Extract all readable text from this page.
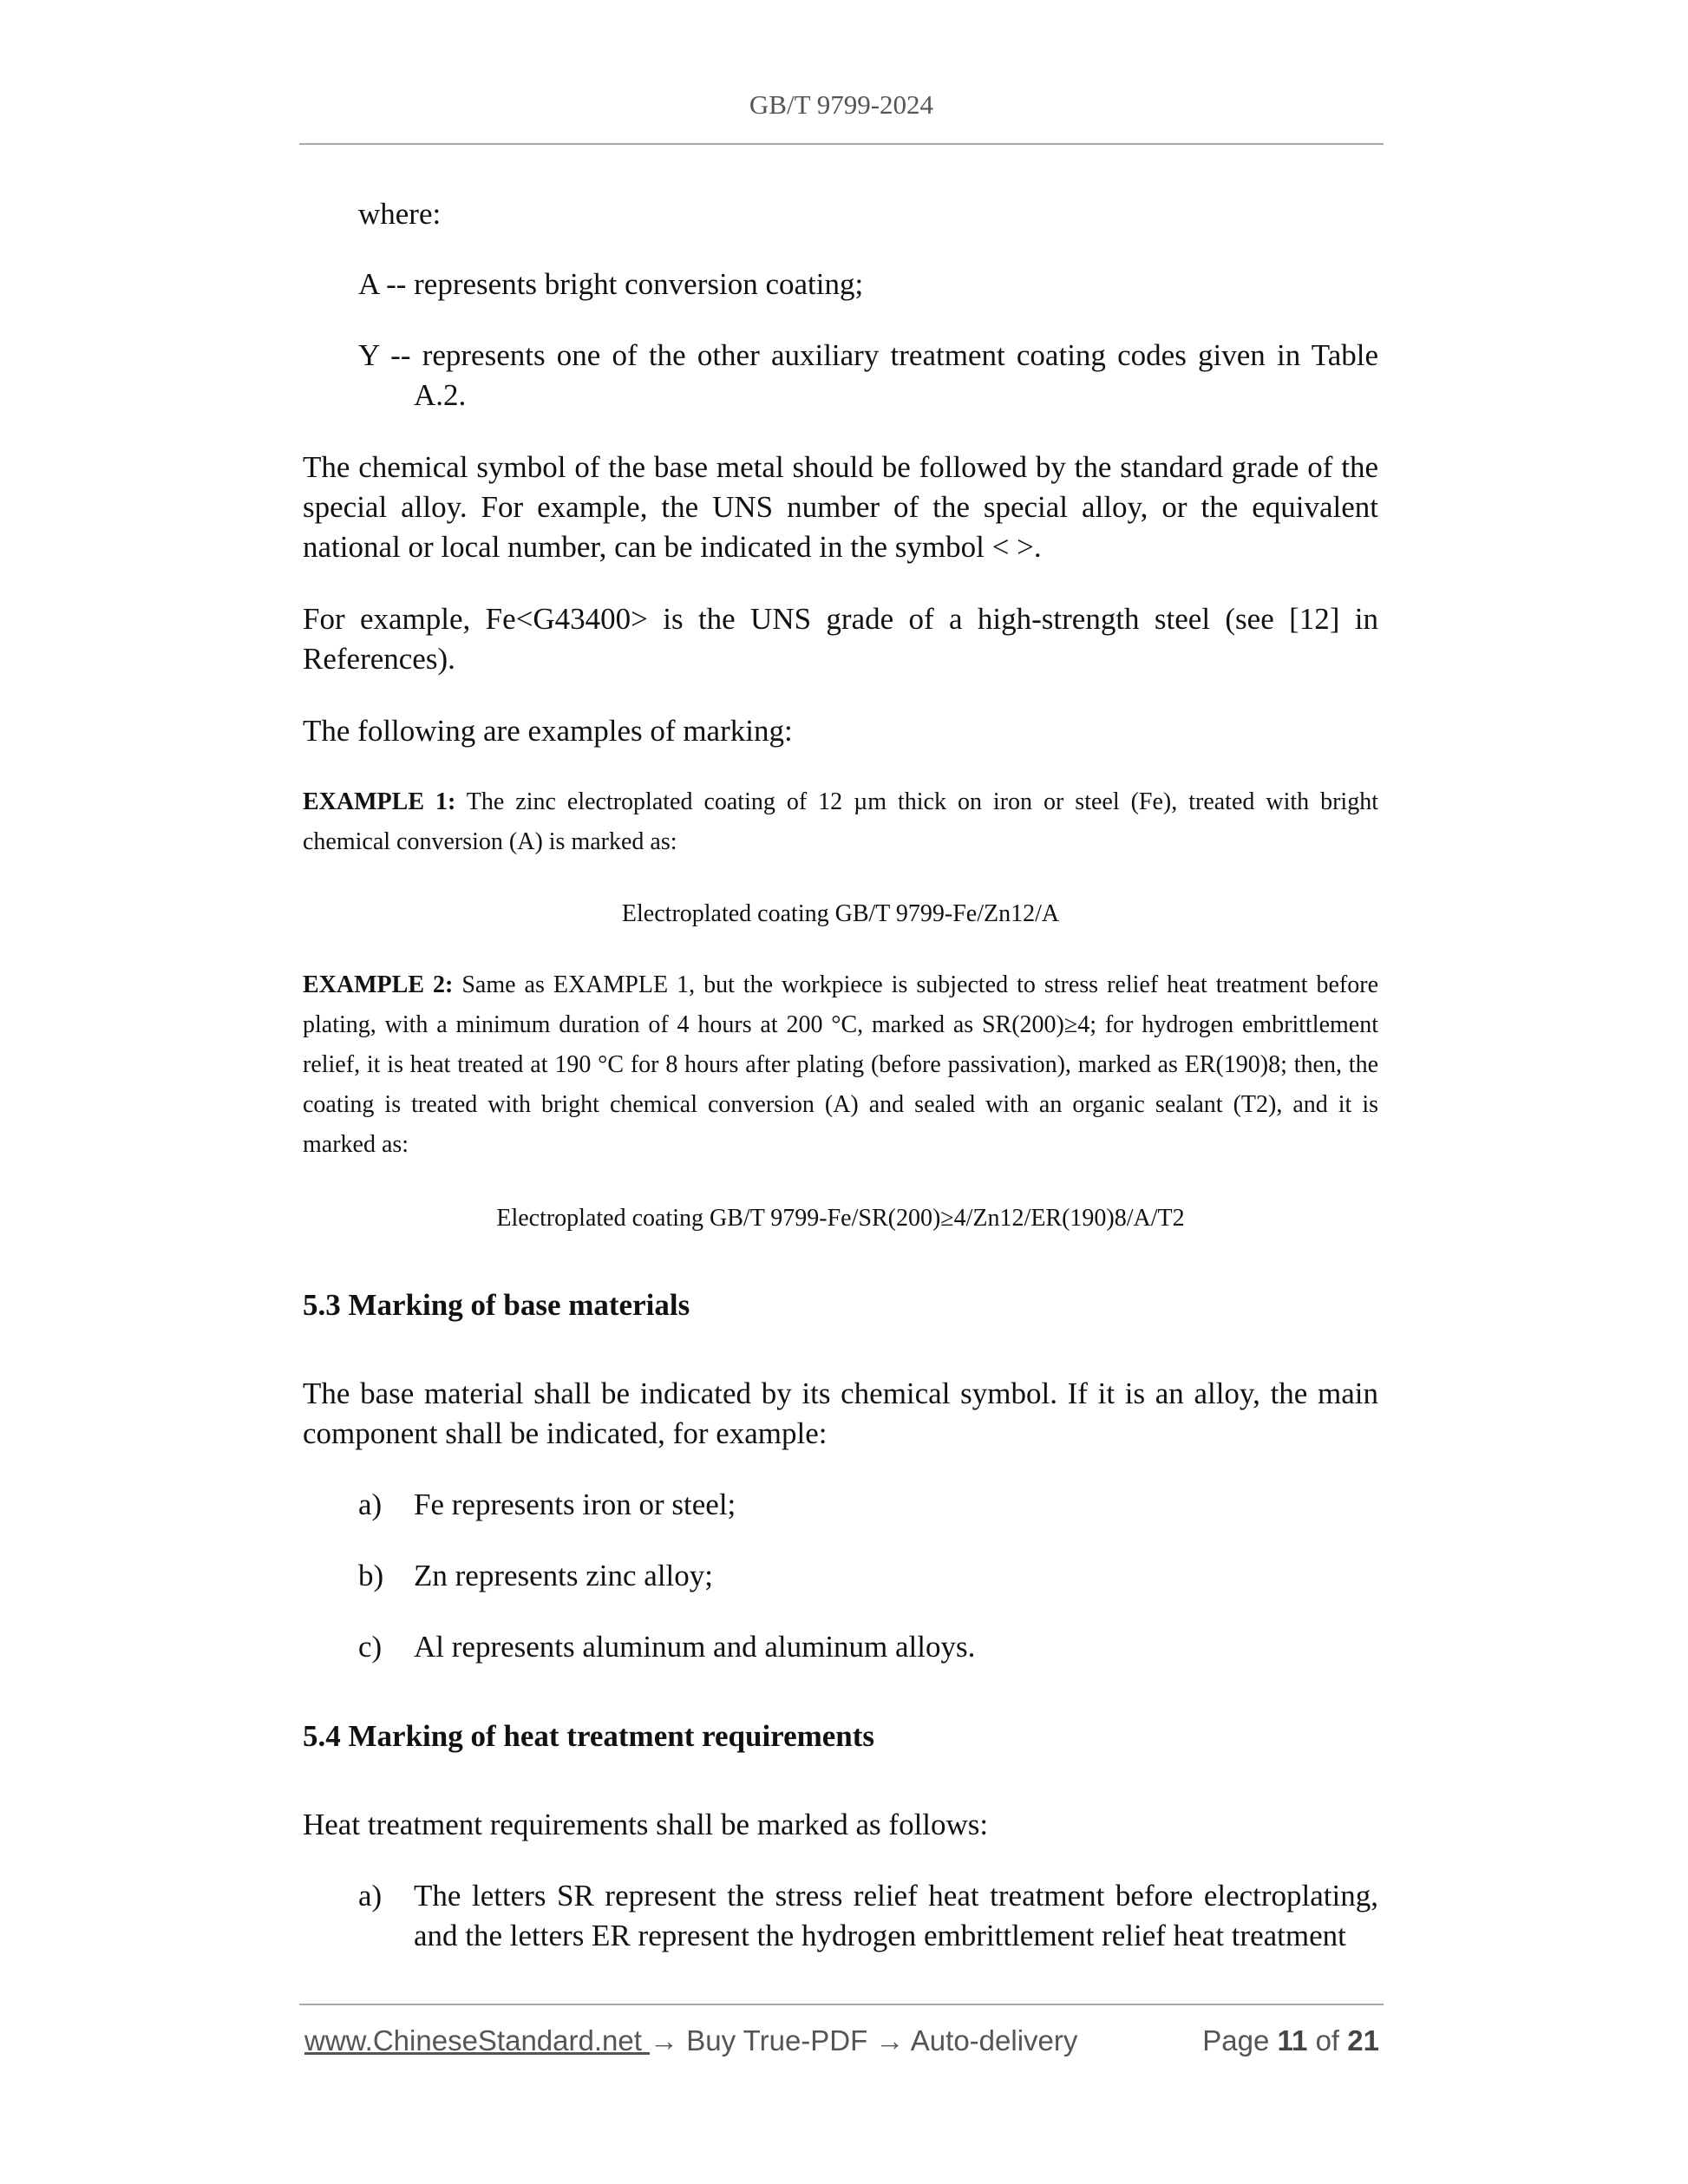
GB/T 9799-2024

where:

A -- represents bright conversion coating;

Y -- represents one of the other auxiliary treatment coating codes given in Table A.2.

The chemical symbol of the base metal should be followed by the standard grade of the special alloy. For example, the UNS number of the special alloy, or the equivalent national or local number, can be indicated in the symbol < >.

For example, Fe<G43400> is the UNS grade of a high-strength steel (see [12] in References).

The following are examples of marking:

EXAMPLE 1: The zinc electroplated coating of 12 µm thick on iron or steel (Fe), treated with bright chemical conversion (A) is marked as:

Electroplated coating GB/T 9799-Fe/Zn12/A

EXAMPLE 2: Same as EXAMPLE 1, but the workpiece is subjected to stress relief heat treatment before plating, with a minimum duration of 4 hours at 200 °C, marked as SR(200)≥4; for hydrogen embrittlement relief, it is heat treated at 190 °C for 8 hours after plating (before passivation), marked as ER(190)8; then, the coating is treated with bright chemical conversion (A) and sealed with an organic sealant (T2), and it is marked as:

Electroplated coating GB/T 9799-Fe/SR(200)≥4/Zn12/ER(190)8/A/T2

5.3 Marking of base materials

The base material shall be indicated by its chemical symbol. If it is an alloy, the main component shall be indicated, for example:

a) Fe represents iron or steel;
b) Zn represents zinc alloy;
c) Al represents aluminum and aluminum alloys.
5.4 Marking of heat treatment requirements

Heat treatment requirements shall be marked as follows:

a) The letters SR represent the stress relief heat treatment before electroplating, and the letters ER represent the hydrogen embrittlement relief heat treatment
www.ChineseStandard.net → Buy True-PDF → Auto-delivery	Page 11 of 21
